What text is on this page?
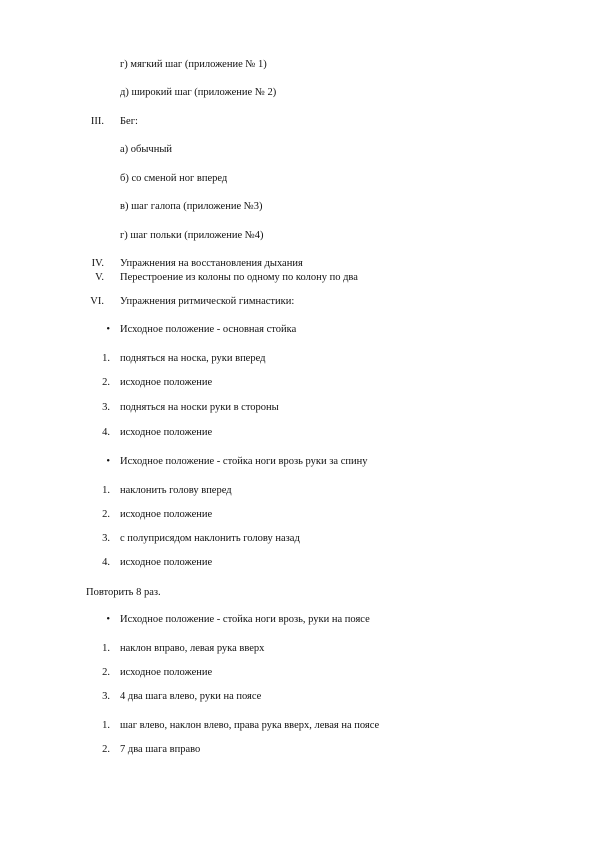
г) мягкий шаг (приложение № 1)
д) широкий шаг (приложение № 2)
III. Бег:
а) обычный
б) со сменой ног вперед
в) шаг галопа (приложение №3)
г) шаг польки (приложение №4)
IV. Упражнения на восстановления дыхания
V. Перестроение из колоны по одному по колону по два
VI. Упражнения ритмической гимнастики:
• Исходное положение - основная стойка
1. подняться на носка, руки вперед
2. исходное положение
3. подняться на носки руки в стороны
4. исходное положение
• Исходное положение - стойка ноги врозь руки за спину
1. наклонить голову вперед
2. исходное положение
3. с полуприсядом наклонить голову назад
4. исходное положение
Повторить 8 раз.
• Исходное положение - стойка ноги врозь, руки на поясе
1. наклон вправо, левая рука вверх
2. исходное положение
3. 4 два шага влево, руки на поясе
1. шаг влево, наклон влево, права рука вверх, левая на поясе
2. 7 два шага вправо
